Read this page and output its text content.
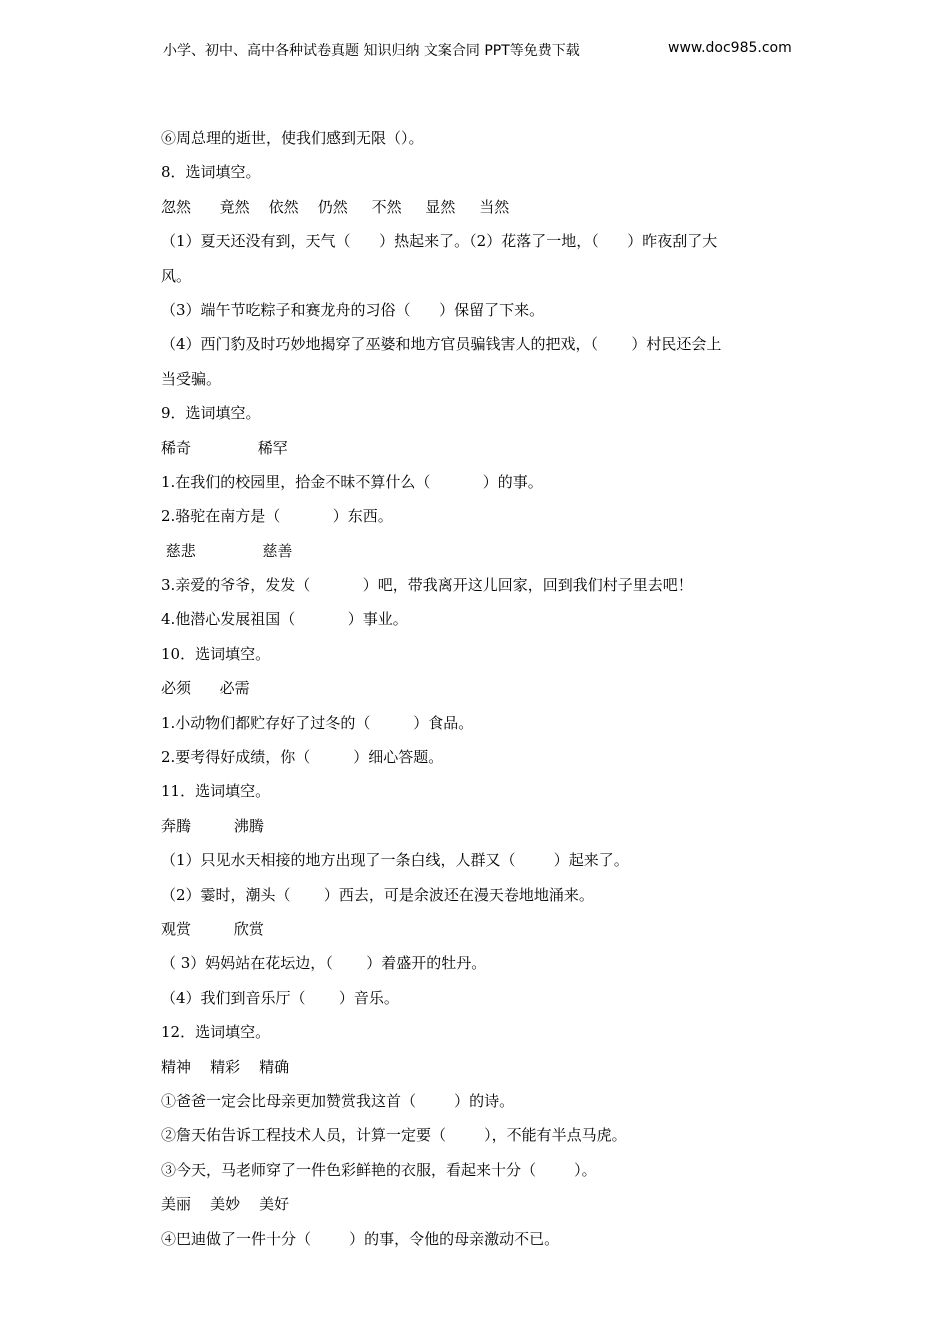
小学、初中、高中各种试卷真题 知识归纳 文案合同 PPT等免费下载	www.doc985.com
⑥周总理的逝世，使我们感到无限（）。
8．选词填空。
忽然      竟然    依然    仍然     不然     显然     当然
（1）夏天还没有到，天气（      ）热起来了。（2）花落了一地，（      ）昨夜刮了大
风。
（3）端午节吃粽子和赛龙舟的习俗（      ）保留了下来。
（4）西门豹及时巧妙地揭穿了巫婆和地方官员骗钱害人的把戏，（       ）村民还会上
当受骗。
9．选词填空。
稀奇              稀罕
1.在我们的校园里，拾金不昧不算什么（           ）的事。
2.骆驼在南方是（           ）东西。
慈悲              慈善
3.亲爱的爷爷，发发（           ）吧，带我离开这儿回家，回到我们村子里去吧！
4.他潜心发展祖国（           ）事业。
10．选词填空。
必须      必需
1.小动物们都贮存好了过冬的（         ）食品。
2.要考得好成绩，你（         ）细心答题。
11．选词填空。
奔腾         沸腾
（1）只见水天相接的地方出现了一条白线，人群又（        ）起来了。
（2）霎时，潮头（       ）西去，可是余波还在漫天卷地地涌来。
观赏         欣赏
（ 3）妈妈站在花坛边，（       ）着盛开的牡丹。
（4）我们到音乐厅（       ）音乐。
12．选词填空。
精神    精彩    精确
①爸爸一定会比母亲更加赞赏我这首（        ）的诗。
②詹天佑告诉工程技术人员，计算一定要（        ），不能有半点马虎。
③今天，马老师穿了一件色彩鲜艳的衣服，看起来十分（        ）。
美丽    美妙    美好
④巴迪做了一件十分（        ）的事，令他的母亲激动不已。
